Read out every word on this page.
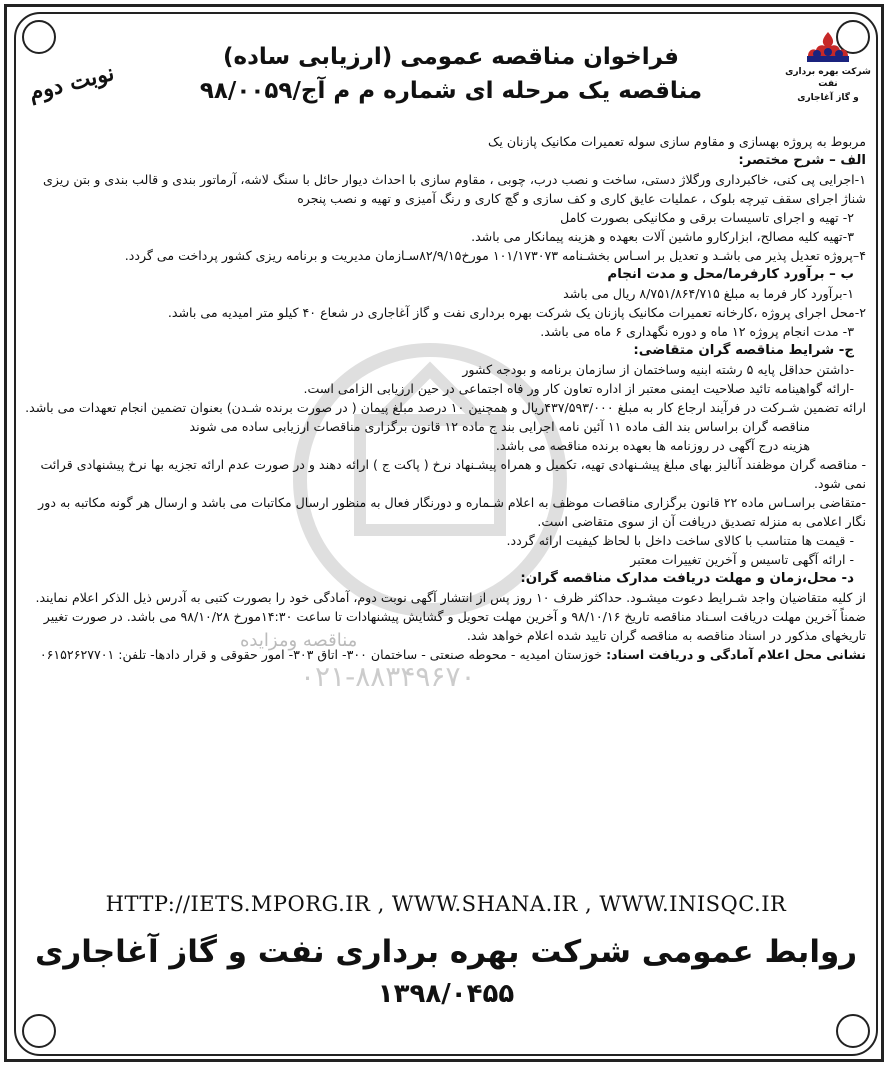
مناقصه ومزایده
۰۲۱-۸۸۳۴۹۶۷۰
شرکت بهره برداری نفت
و گاز آغاجاری
فراخوان مناقصه عمومی (ارزیابی ساده)
مناقصه یک مرحله ای شماره م م آج/۹۸/۰۰۵۹
نوبت دوم

مربوط به پروژه بهسازی و مقاوم سازی سوله تعمیرات مکانیک پازنان یک

الف – شرح مختصر:

۱-اجرایی پی کنی، خاکبرداری ورگلاژ دستی، ساخت و نصب درب، چوبی ، مقاوم سازی با احداث دیوار حائل با سنگ لاشه، آرماتور بندی و قالب بندی و بتن ریزی شناژ اجرای سقف تیرچه بلوک ، عملیات عایق کاری و کف سازی و گچ کاری و رنگ آمیزی و تهیه و نصب پنجره

۲- تهیه و اجرای تاسیسات برقی و مکانیکی بصورت کامل

۳-تهیه کلیه مصالح، ابزارکارو ماشین آلات بعهده و هزینه پیمانکار می باشد.

۴–پروژه تعدیل پذیر می باشـد و تعدیل بر اسـاس بخشـنامه ۱۰۱/۱۷۳۰۷۳ مورخ۸۲/۹/۱۵سـازمان مدیریت و برنامه ریزی کشور پرداخت می گردد.

ب – برآورد کارفرما/محل و مدت انجام

۱-برآورد کار فرما به مبلغ ۸/۷۵۱/۸۶۴/۷۱۵ ریال می باشد

۲-محل اجرای پروژه ،کارخانه تعمیرات مکانیک پازنان یک شرکت بهره برداری نفت و گاز آغاجاری در شعاع ۴۰ کیلو متر امیدیه می باشد.

۳- مدت انجام پروژه ۱۲ ماه و دوره نگهداری ۶ ماه می باشد.

ج- شرایط مناقصه گران متقاضی:

-داشتن حداقل پایه ۵ رشته ابنیه وساختمان از سازمان برنامه و بودجه کشور

-ارائه گواهینامه تائید صلاحیت ایمنی معتبر از اداره تعاون کار ور فاه اجتماعی در حین ارزیابی الزامی است.

ارائه تضمین شـرکت در فرآیند ارجاع کار به مبلغ ۴۳۷/۵۹۳/۰۰۰ریال و همچنین ۱۰ درصد مبلغ پیمان ( در صورت برنده شـدن) بعنوان تضمین انجام تعهدات می باشد.

مناقصه گران براساس بند الف ماده ۱۱ آئین نامه اجرایی بند ج ماده ۱۲ قانون برگزاری مناقصات ارزیابی ساده می شوند

هزینه درج آگهی در روزنامه ها بعهده برنده مناقصه می باشد.

- مناقصه گران موظفند آنالیز بهای مبلغ پیشـنهادی تهیه، تکمیل و همراه پیشـنهاد نرخ ( پاکت ج ) ارائه دهند و در صورت عدم ارائه تجزیه بها نرخ پیشنهادی قرائت نمی شود.

-متقاضی براسـاس ماده ۲۲ قانون برگزاری مناقصات موظف به اعلام شـماره و دورنگار فعال به منظور ارسال مکاتبات می باشد و ارسال هر گونه مکاتبه به دور نگار اعلامی به منزله تصدیق دریافت آن از سوی متقاضی است.

- قیمت ها متناسب با کالای ساخت داخل با لحاظ کیفیت ارائه گردد.

- ارائه آگهی تاسیس و آخرین تغییرات معتبر

د- محل،زمان و مهلت دریافت مدارک مناقصه گران:

از کلیه متقاضیان واجد شـرایط دعوت میشـود. حداکثر ظرف ۱۰ روز پس از انتشار آگهی نوبت دوم، آمادگی خود را بصورت کتبی به آدرس ذیل الذکر اعلام نمایند.

ضمناً آخرین مهلت دریافت اسـناد مناقصه تاریخ ۹۸/۱۰/۱۶ و آخرین مهلت تحویل و گشایش پیشنهادات تا ساعت ۱۴:۳۰مورخ ۹۸/۱۰/۲۸ می باشد. در صورت تغییر تاریخهای مذکور در اسناد مناقصه به مناقصه گران تایید شده اعلام خواهد شد.

نشانی محل اعلام آمادگی و دریافت اسناد: خوزستان امیدیه - محوطه صنعتی - ساختمان ۳۰۰- اتاق ۳۰۳- امور حقوقی و قرار دادها- تلفن: ۰۶۱۵۲۶۲۷۷۰۱

HTTP://IETS.MPORG.IR , WWW.SHANA.IR , WWW.INISQC.IR
روابط عمومی شرکت بهره برداری نفت و گاز آغاجاری
۱۳۹۸/۰۴۵۵
